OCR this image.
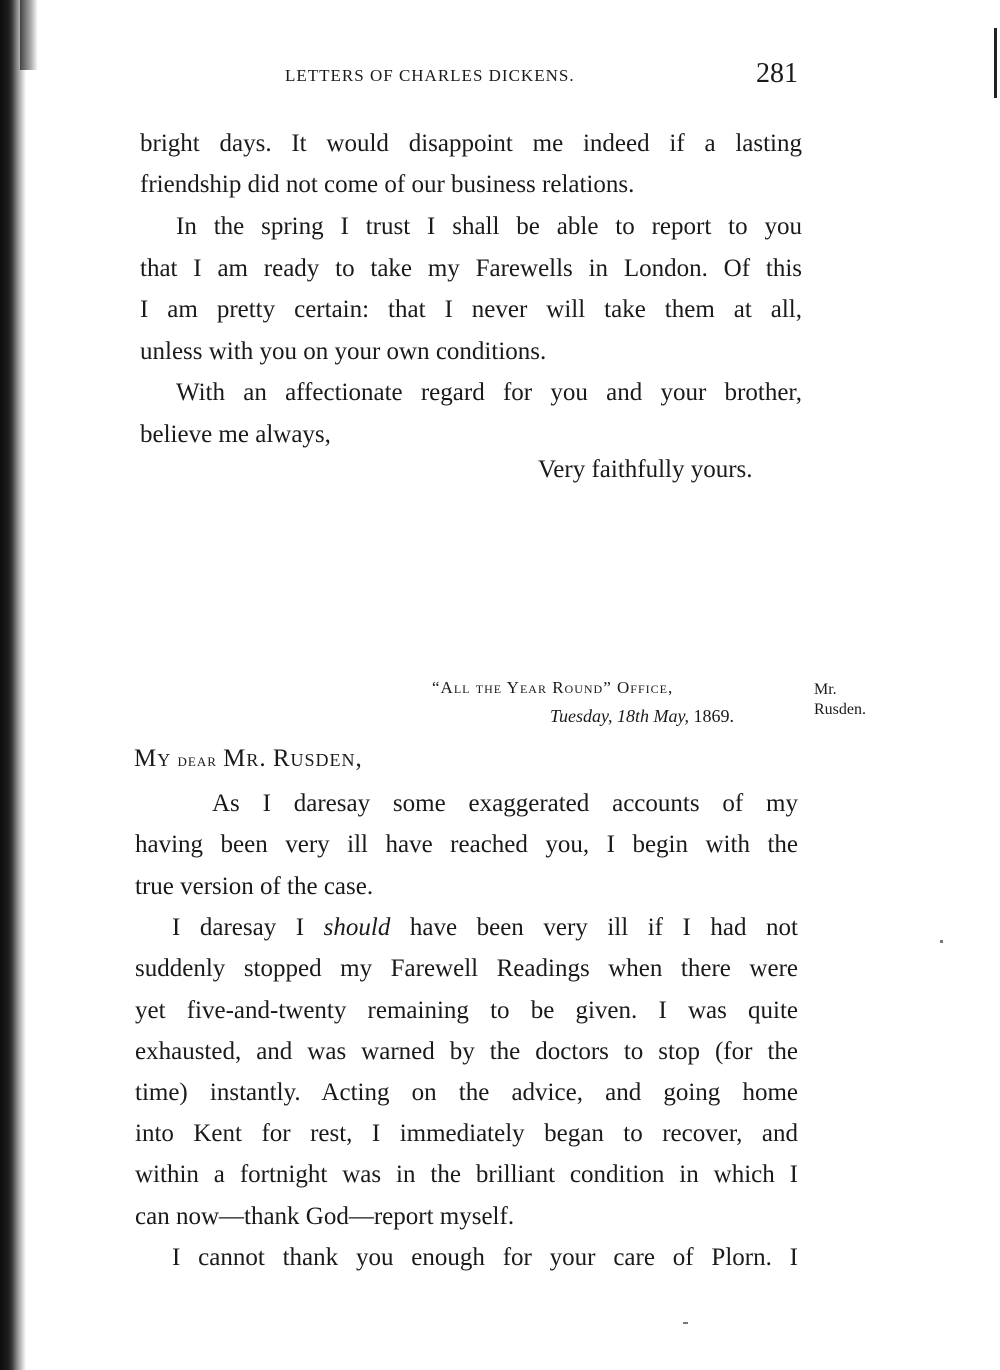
LETTERS OF CHARLES DICKENS.	281
bright days. It would disappoint me indeed if a lasting
friendship did not come of our business relations.
In the spring I trust I shall be able to report to you
that I am ready to take my Farewells in London. Of this
I am pretty certain: that I never will take them at all,
unless with you on your own conditions.
With an affectionate regard for you and your brother,
believe me always,
Very faithfully yours.
“All the Year Round” Office,
Tuesday, 18th May, 1869.
Mr.
Rusden.
My dear Mr. Rusden,
As I daresay some exaggerated accounts of my
having been very ill have reached you, I begin with the
true version of the case.
I daresay I should have been very ill if I had not
suddenly stopped my Farewell Readings when there were
yet five-and-twenty remaining to be given. I was quite
exhausted, and was warned by the doctors to stop (for the
time) instantly. Acting on the advice, and going home
into Kent for rest, I immediately began to recover, and
within a fortnight was in the brilliant condition in which I
can now—thank God—report myself.
I cannot thank you enough for your care of Plorn. I
